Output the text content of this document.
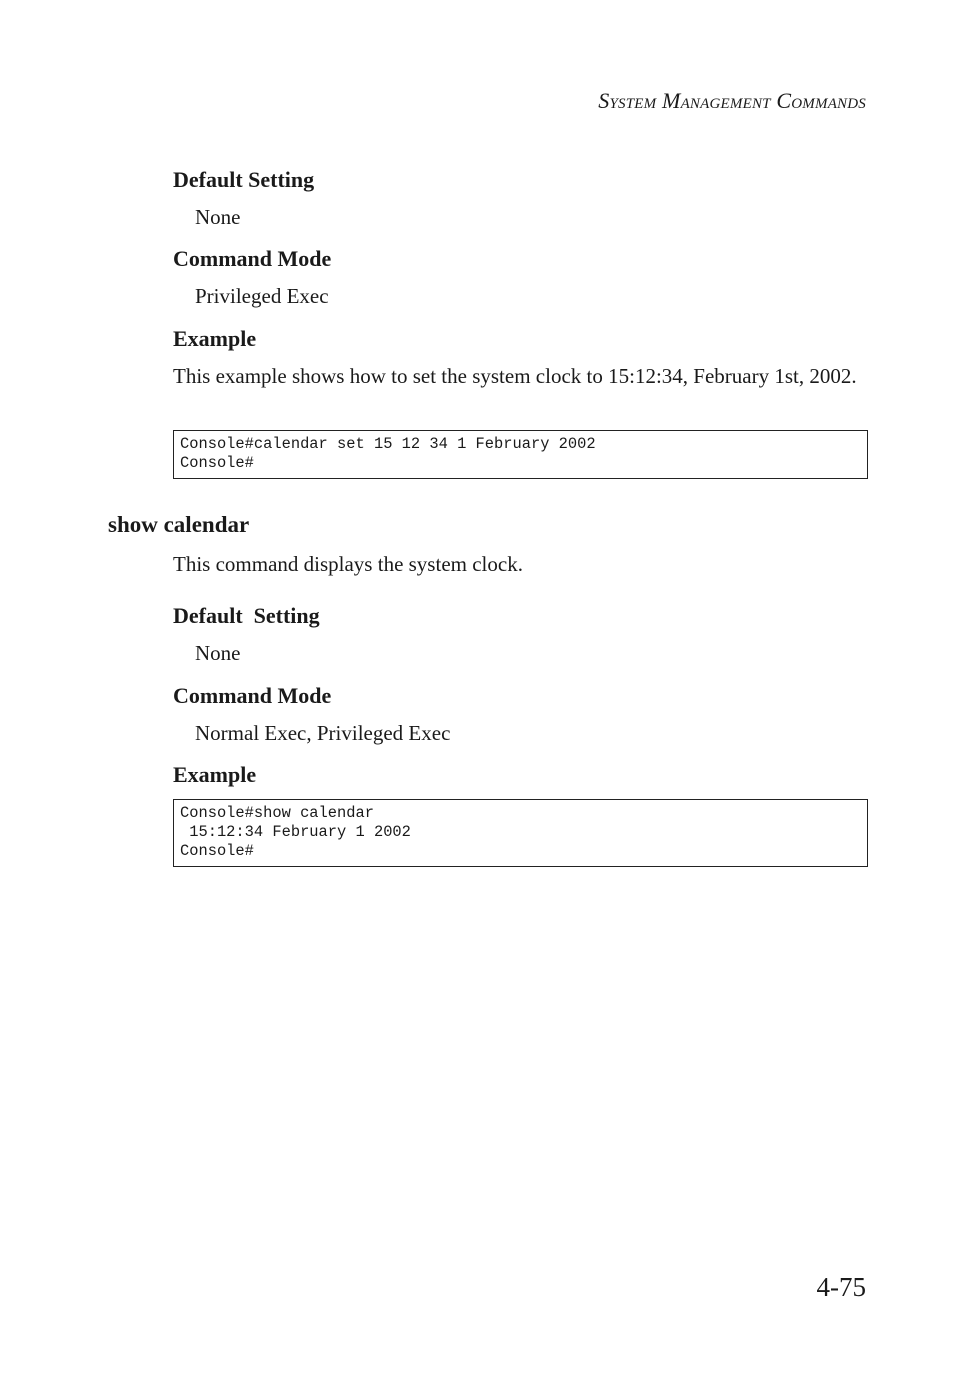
System Management Commands
Default Setting
None
Command Mode
Privileged Exec
Example
This example shows how to set the system clock to 15:12:34, February 1st, 2002.
Console#calendar set 15 12 34 1 February 2002
Console#
show calendar
This command displays the system clock.
Default  Setting
None
Command Mode
Normal Exec, Privileged Exec
Example
Console#show calendar
15:12:34 February 1 2002
Console#
4-75
